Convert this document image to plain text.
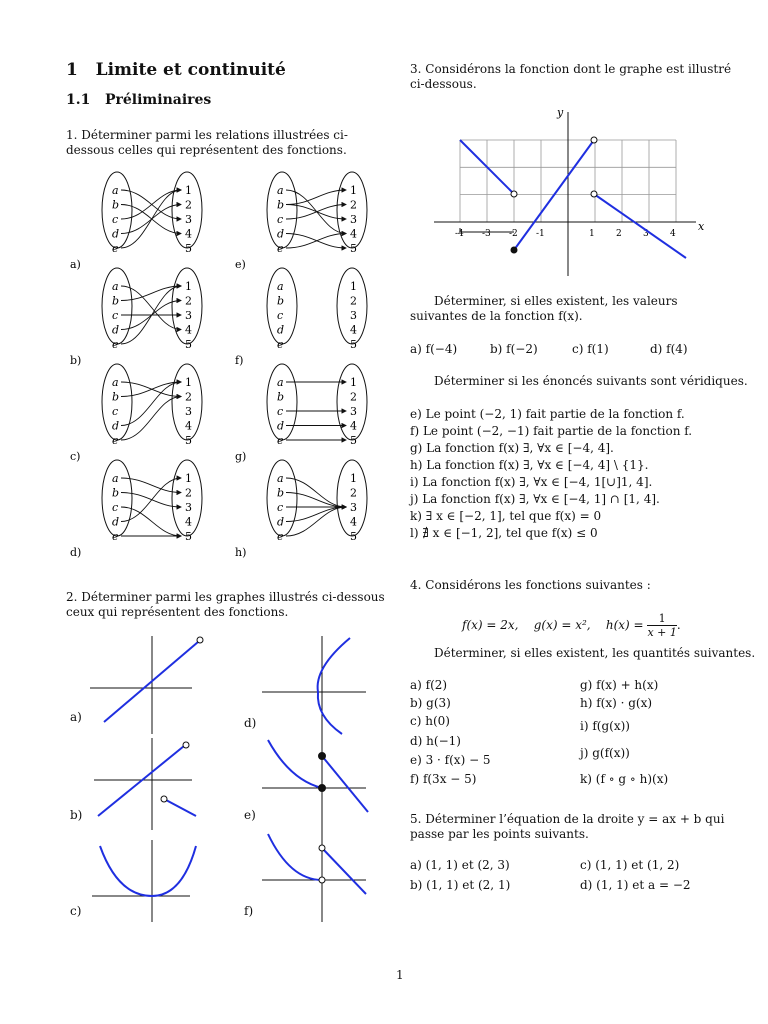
1 Limite et continuité
1.1 Préliminaires
1. Déterminer parmi les relations illustrées ci-dessous celles qui représentent des fonctions.
a	1
b	2
c	3
d	4
e	5
a)
a	1
b	2
c	3
d	4
e	5
b)
a	1
b	2
c	3
d	4
e	5
c)
a	1
b	2
c	3
d	4
e	5
d)
a	1
b	2
c	3
d	4
e	5
e)
a	1
b	2
c	3
d	4
e	5
f)
a	1
b	2
c	3
d	4
e	5
g)
a	1
b	2
c	3
d	4
e	5
h)
2. Déterminer parmi les graphes illustrés ci-dessous ceux qui représentent des fonctions.
a)
b)
c)
d)
e)
f)
3. Considérons la fonction dont le graphe est illustré ci-dessous.
y
x
-4 -3 -2 -1	1 2 3 4
Déterminer, si elles existent, les valeurs suivantes de la fonction f(x).
a) f(−4)	b) f(−2)	c) f(1)	d) f(4)
Déterminer si les énoncés suivants sont véridiques.
e) Le point (−2, 1) fait partie de la fonction f.
f) Le point (−2, −1) fait partie de la fonction f.
g) La fonction f(x) ∃, ∀x ∈ [−4, 4].
h) La fonction f(x) ∃, ∀x ∈ [−4, 4] \ {1}.
i) La fonction f(x) ∃, ∀x ∈ [−4, 1[∪]1, 4].
j) La fonction f(x) ∃, ∀x ∈ [−4, 1] ∩ [1, 4].
k) ∃ x ∈ [−2, 1], tel que f(x) = 0
l) ∄ x ∈ [−1, 2], tel que f(x) ≤ 0
4. Considérons les fonctions suivantes :
f(x) = 2x,    g(x) = x²,    $h(x) = \frac{1}{x + 1}$ .
Déterminer, si elles existent, les quantités suivantes.
a) f(2)
b) g(3)
c) h(0)
d) h(−1)
e) 3 · f(x) − 5
f) f(3x − 5)
g) f(x) + h(x)
h) f(x) · g(x)
i) f(g(x))
j) g(f(x))
k) (f ∘ g ∘ h)(x)
5. Déterminer l’équation de la droite y = ax + b qui passe par les points suivants.
a) (1, 1) et (2, 3)
b) (1, 1) et (2, 1)
c) (1, 1) et (1, 2)
d) (1, 1) et a = −2
1
